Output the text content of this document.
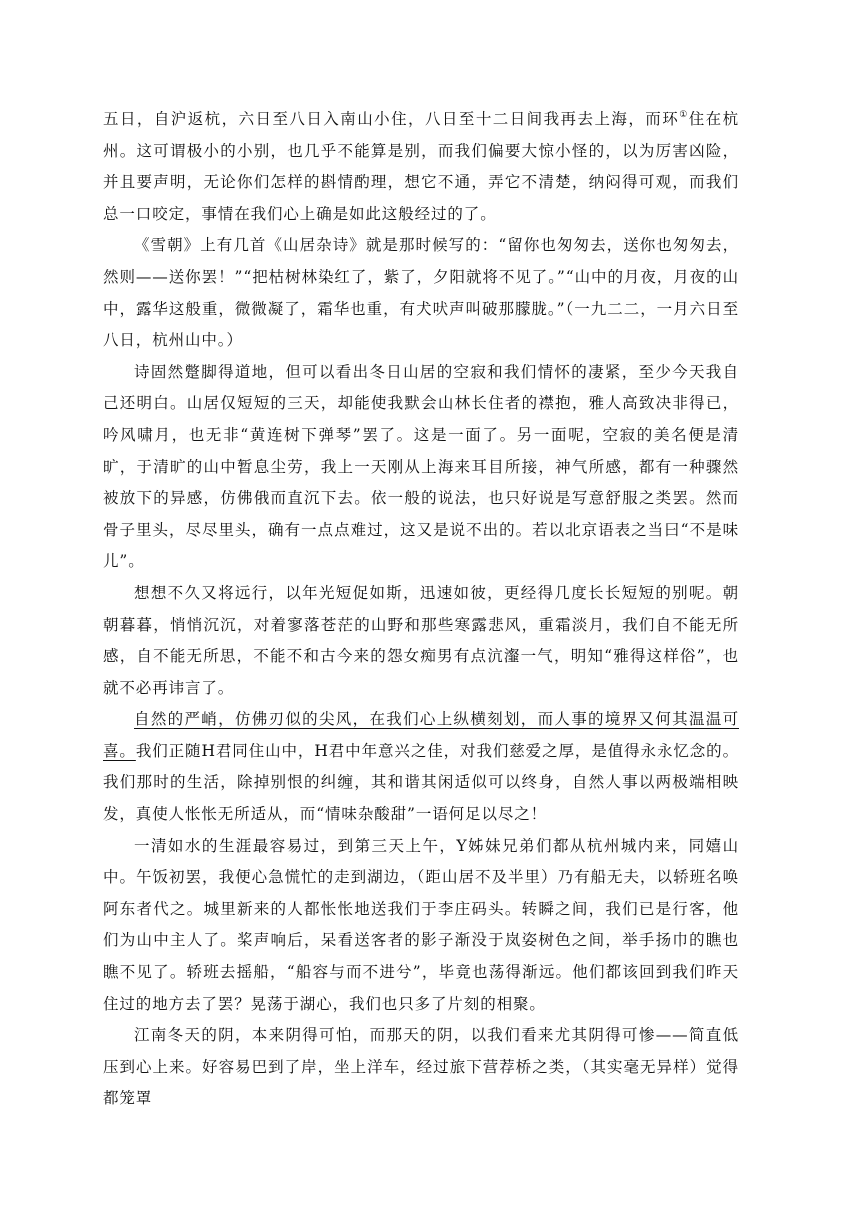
五日，自沪返杭，六日至八日入南山小住，八日至十二日间我再去上海，而环①住在杭州。这可谓极小的小别，也几乎不能算是别，而我们偏要大惊小怪的，以为厉害凶险，并且要声明，无论你们怎样的斟情酌理，想它不通，弄它不清楚，纳闷得可观，而我们总一口咬定，事情在我们心上确是如此这般经过的了。

《雪朝》上有几首《山居杂诗》就是那时候写的：“留你也匆匆去，送你也匆匆去，然则——送你罢！”“把枯树林染红了，紫了，夕阳就将不见了。”“山中的月夜，月夜的山中，露华这般重，微微凝了，霜华也重，有犬吠声叫破那朦胧。”（一九二二，一月六日至八日，杭州山中。）

诗固然蹩脚得道地，但可以看出冬日山居的空寂和我们情怀的凄紧，至少今天我自己还明白。山居仅短短的三天，却能使我默会山林长住者的襟抱，雅人高致决非得已，吟风啸月，也无非“黄连树下弹琴”罢了。这是一面了。另一面呢，空寂的美名便是清旷，于清旷的山中暂息尘劳，我上一天刚从上海来耳目所接，神气所感，都有一种骤然被放下的异感，仿佛俄而直沉下去。依一般的说法，也只好说是写意舒服之类罢。然而骨子里头，尽尽里头，确有一点点难过，这又是说不出的。若以北京语表之当曰“不是味儿”。

想想不久又将远行，以年光短促如斯，迅速如彼，更经得几度长长短短的别呢。朝朝暮暮，悄悄沉沉，对着寥落苍茫的山野和那些寒露悲风，重霜淡月，我们自不能无所感，自不能无所思，不能不和古今来的怨女痴男有点沆瀣一气，明知“雅得这样俗”，也就不必再讳言了。

自然的严峭，仿佛刃似的尖风，在我们心上纵横刻划，而人事的境界又何其温温可喜。我们正随H君同住山中，H君中年意兴之佳，对我们慈爱之厚，是值得永永忆念的。我们那时的生活，除掉别恨的纠缠，其和谐其闲适似可以终身，自然人事以两极端相映发，真使人怅怅无所适从，而“情味杂酸甜”一语何足以尽之！

一清如水的生涯最容易过，到第三天上午，Y姊妹兄弟们都从杭州城内来，同嬉山中。午饭初罢，我便心急慌忙的走到湖边，（距山居不及半里）乃有船无夫，以轿班名唤阿东者代之。城里新来的人都怅怅地送我们于李庄码头。转瞬之间，我们已是行客，他们为山中主人了。桨声响后，呆看送客者的影子渐没于岚姿树色之间，举手扬巾的瞧也瞧不见了。轿班去摇船，“船容与而不进兮”，毕竟也荡得渐远。他们都该回到我们昨天住过的地方去了罢？晃荡于湖心，我们也只多了片刻的相聚。

江南冬天的阴，本来阴得可怕，而那天的阴，以我们看来尤其阴得可惨——简直低压到心上来。好容易巴到了岸，坐上洋车，经过旅下营荐桥之类，（其实毫无异样）觉得都笼罩
